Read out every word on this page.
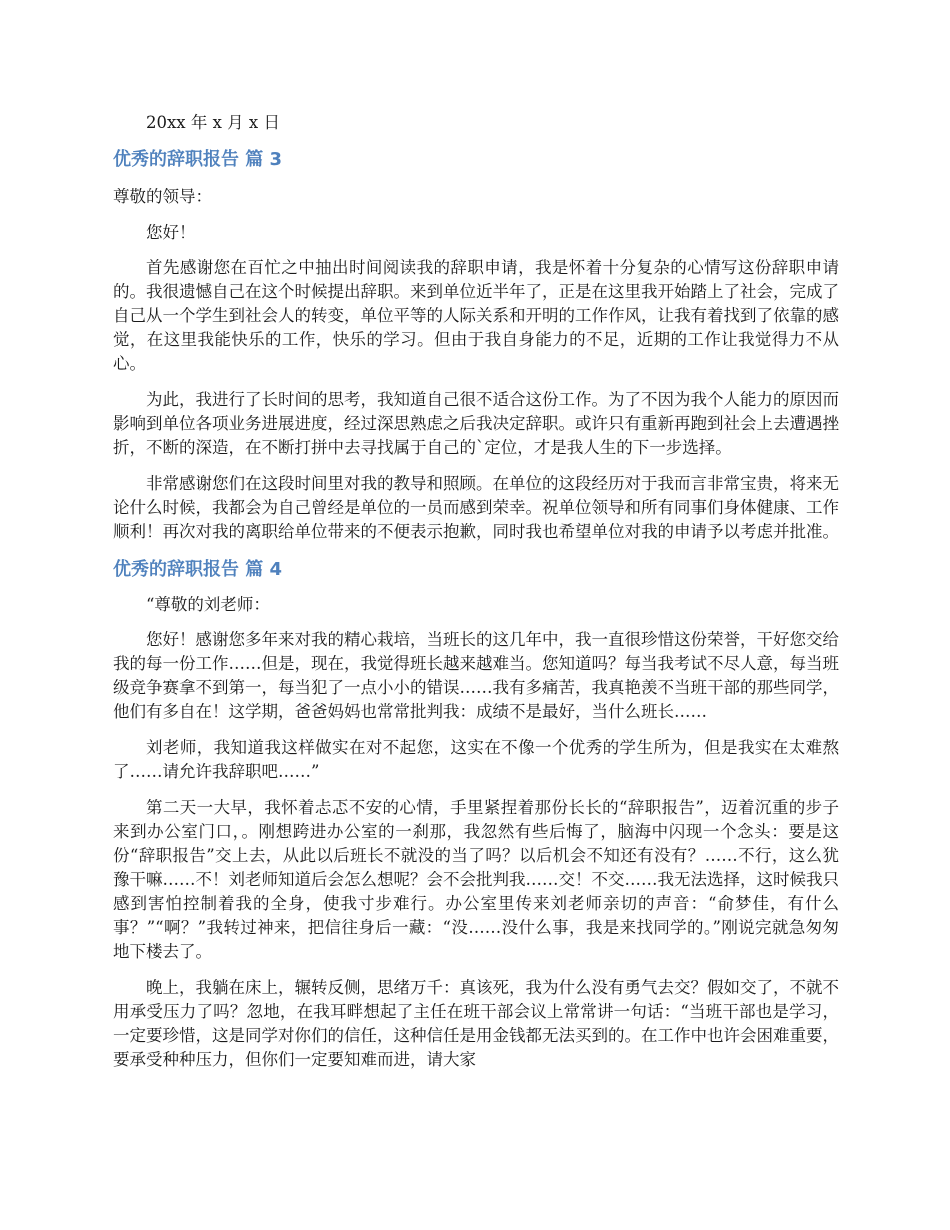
20xx 年 x 月 x 日

优秀的辞职报告 篇 3

尊敬的领导：

您好！

首先感谢您在百忙之中抽出时间阅读我的辞职申请，我是怀着十分复杂的心情写这份辞职申请的。我很遗憾自己在这个时候提出辞职。来到单位近半年了，正是在这里我开始踏上了社会，完成了自己从一个学生到社会人的转变，单位平等的人际关系和开明的工作作风，让我有着找到了依靠的感觉，在这里我能快乐的工作，快乐的学习。但由于我自身能力的不足，近期的工作让我觉得力不从心。

为此，我进行了长时间的思考，我知道自己很不适合这份工作。为了不因为我个人能力的原因而影响到单位各项业务进展进度，经过深思熟虑之后我决定辞职。或许只有重新再跑到社会上去遭遇挫折，不断的深造，在不断打拼中去寻找属于自己的`定位，才是我人生的下一步选择。

非常感谢您们在这段时间里对我的教导和照顾。在单位的这段经历对于我而言非常宝贵，将来无论什么时候，我都会为自己曾经是单位的一员而感到荣幸。祝单位领导和所有同事们身体健康、工作顺利！再次对我的离职给单位带来的不便表示抱歉，同时我也希望单位对我的申请予以考虑并批准。

优秀的辞职报告 篇 4

“尊敬的刘老师：

您好！感谢您多年来对我的精心栽培，当班长的这几年中，我一直很珍惜这份荣誉，干好您交给我的每一份工作……但是，现在，我觉得班长越来越难当。您知道吗？每当我考试不尽人意，每当班级竞争赛拿不到第一，每当犯了一点小小的错误……我有多痛苦，我真艳羡不当班干部的那些同学，他们有多自在！这学期，爸爸妈妈也常常批判我：成绩不是最好，当什么班长……

刘老师，我知道我这样做实在对不起您，这实在不像一个优秀的学生所为，但是我实在太难熬了……请允许我辞职吧……”

第二天一大早，我怀着忐忑不安的心情，手里紧捏着那份长长的“辞职报告”，迈着沉重的步子来到办公室门口，。刚想跨进办公室的一刹那，我忽然有些后悔了，脑海中闪现一个念头：要是这份“辞职报告”交上去，从此以后班长不就没的当了吗？以后机会不知还有没有？……不行，这么犹豫干嘛……不！刘老师知道后会怎么想呢？会不会批判我……交！不交……我无法选择，这时候我只感到害怕控制着我的全身，使我寸步难行。办公室里传来刘老师亲切的声音：“俞梦佳，有什么事？”“啊？”我转过神来，把信往身后一藏：“没……没什么事，我是来找同学的。”刚说完就急匆匆地下楼去了。

晚上，我躺在床上，辗转反侧，思绪万千：真该死，我为什么没有勇气去交？假如交了，不就不用承受压力了吗？忽地，在我耳畔想起了主任在班干部会议上常常讲一句话：“当班干部也是学习，一定要珍惜，这是同学对你们的信任，这种信任是用金钱都无法买到的。在工作中也许会困难重要，要承受种种压力，但你们一定要知难而进，请大家
